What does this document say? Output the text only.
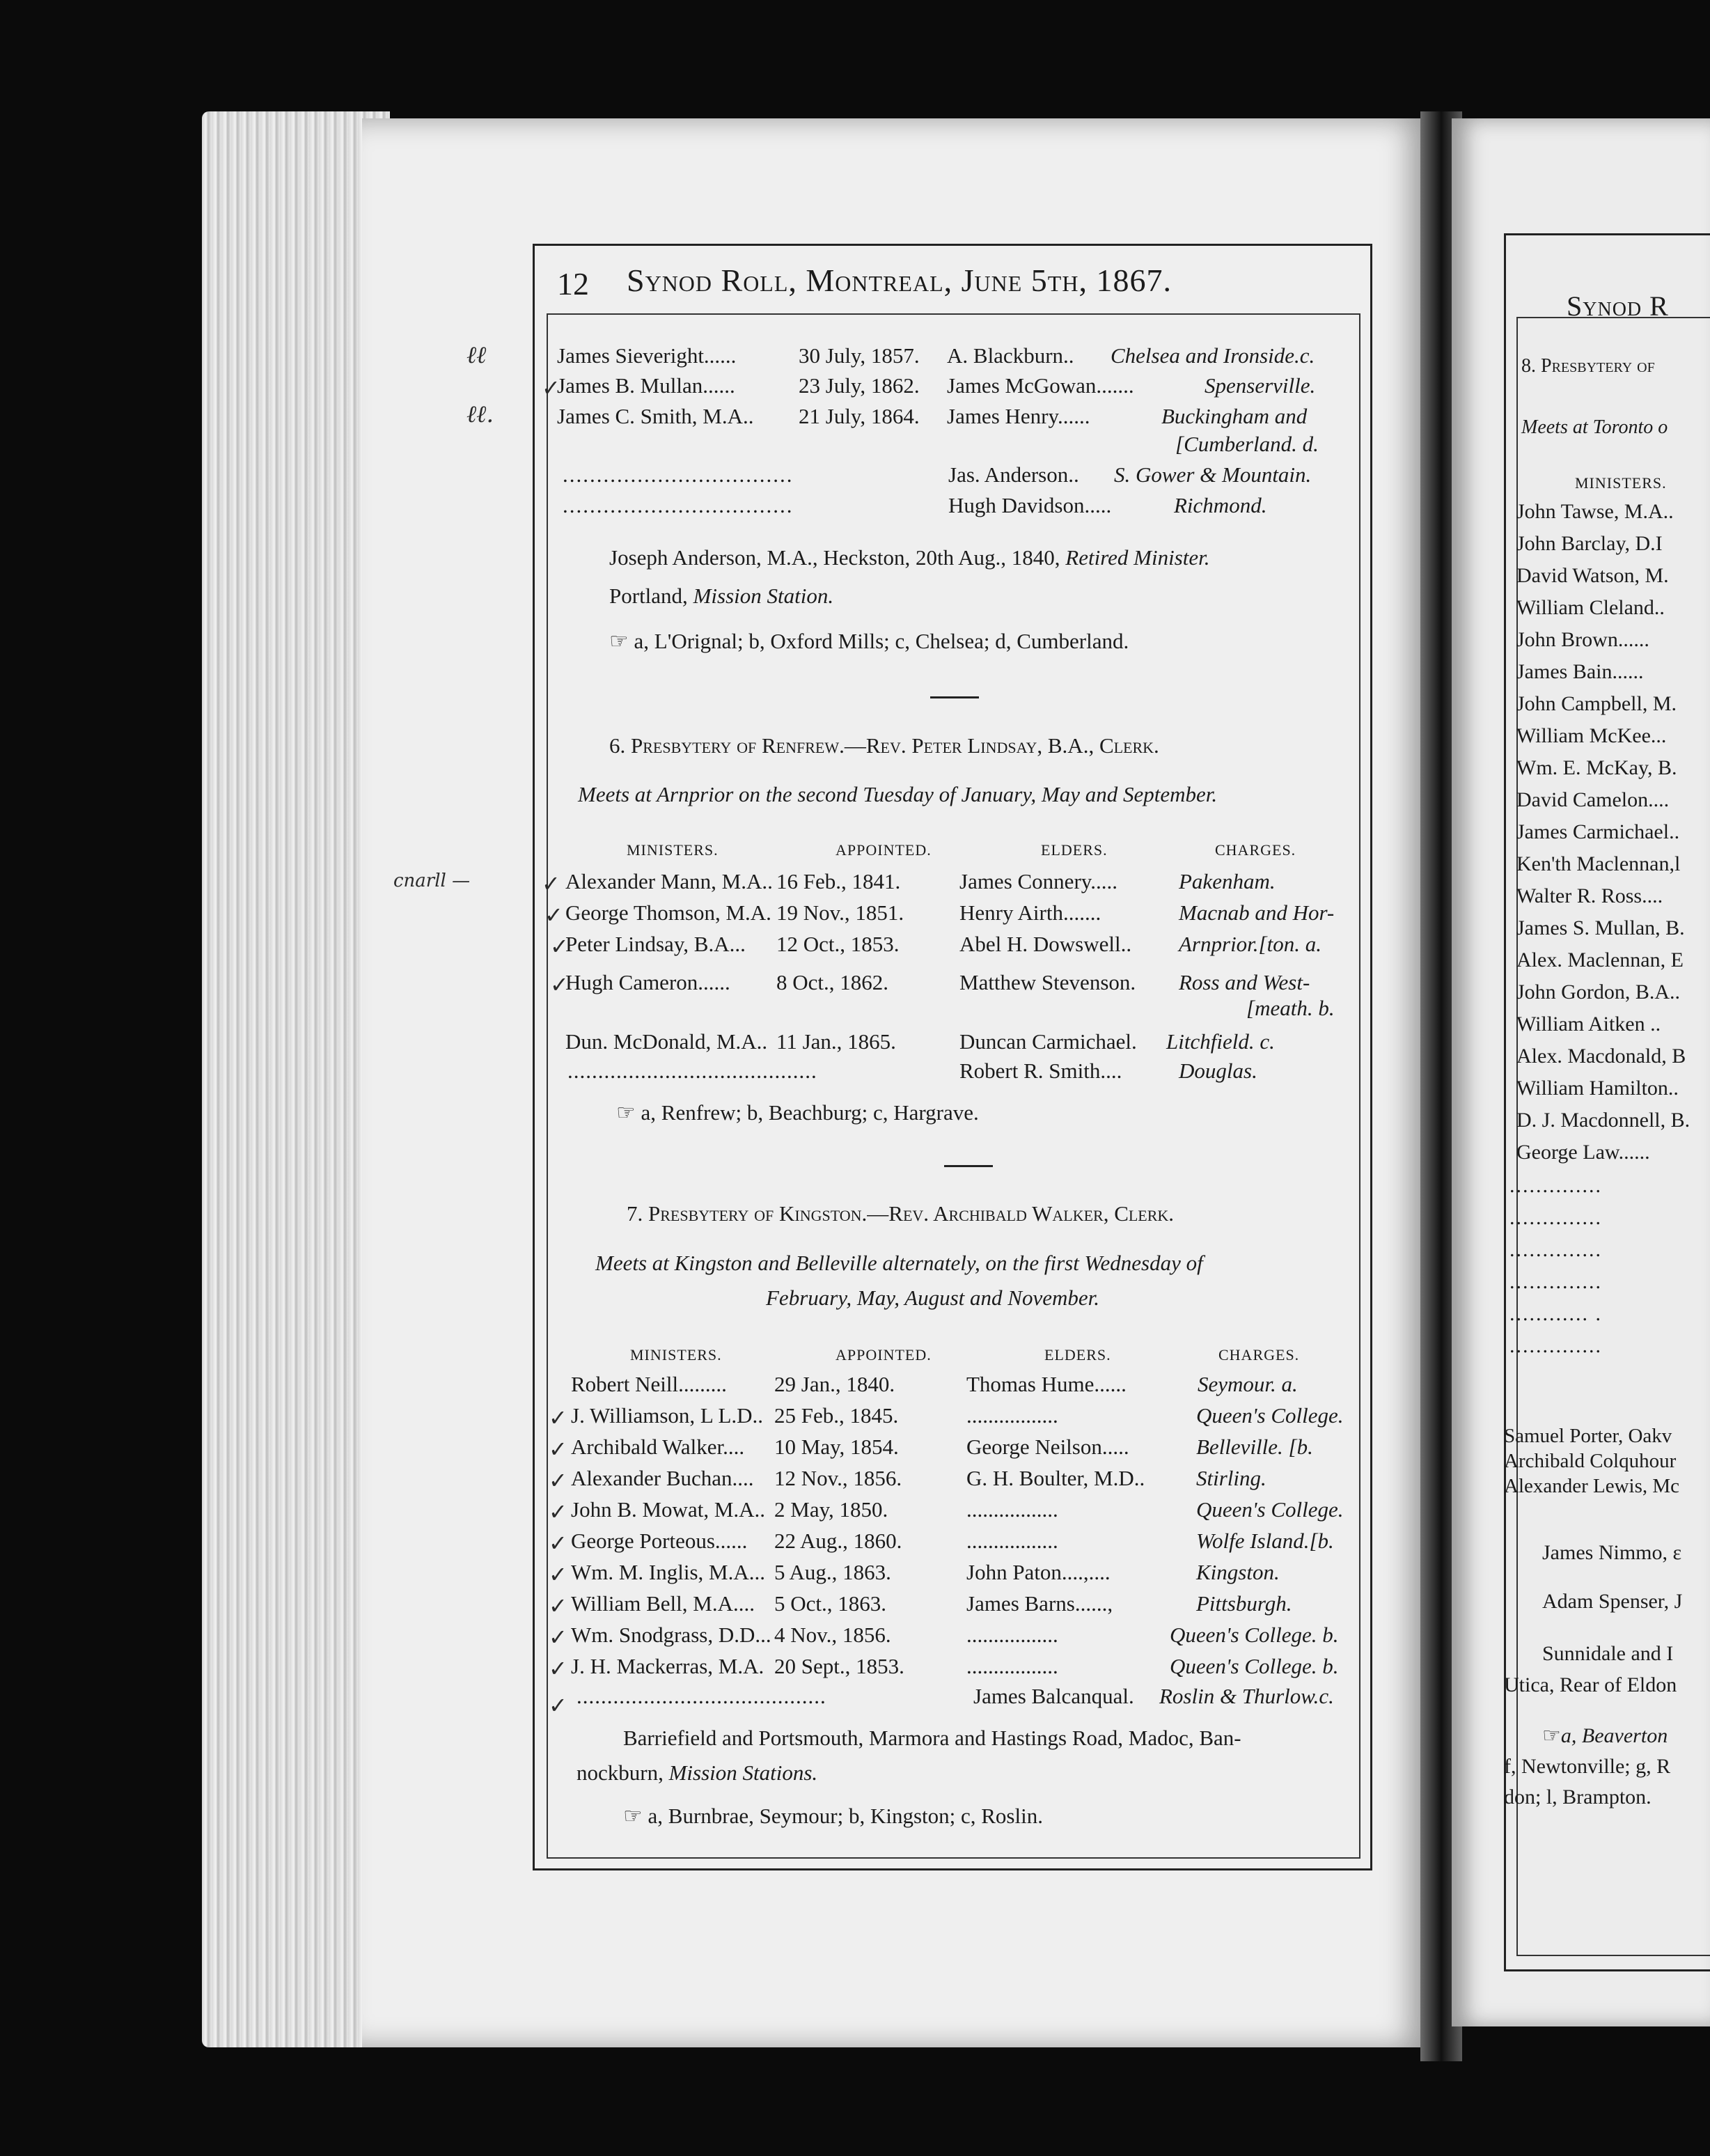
12 Synod Roll, Montreal, June 5th, 1867.
James Sieveright......	30 July, 1857. A. Blackburn.. Chelsea and Ironside.c.
James B. Mullan......	23 July, 1862. James McGowan.......	Spenserville.
James C. Smith, M.A.. 21 July, 1864. James Henry......	Buckingham and
[Cumberland. d.
..................................	Jas. Anderson.. S. Gower & Mountain.
..................................	Hugh Davidson.....	Richmond.
Joseph Anderson, M.A., Heckston, 20th Aug., 1840, Retired Minister.
Portland, Mission Station.
☞ a, L'Orignal; b, Oxford Mills; c, Chelsea; d, Cumberland.
6. Presbytery of Renfrew.—Rev. Peter Lindsay, B.A., Clerk.
Meets at Arnprior on the second Tuesday of January, May and September.
MINISTERS.	APPOINTED.	ELDERS.	CHARGES.
Alexander Mann, M.A.. 16 Feb., 1841.	James Connery.....	Pakenham.
George Thomson, M.A. 19 Nov., 1851.	Henry Airth.......	Macnab and Hor-
Peter Lindsay, B.A... 12 Oct., 1853.	Abel H. Dowswell.. Arnprior.[ton. a.
Hugh Cameron...... 8 Oct., 1862.	Matthew Stevenson. Ross and West-
[meath. b.
Dun. McDonald, M.A.. 11 Jan., 1865.	Duncan Carmichael. Litchfield. c.
.........................................	Robert R. Smith....	Douglas.
☞ a, Renfrew; b, Beachburg; c, Hargrave.
7. Presbytery of Kingston.—Rev. Archibald Walker, Clerk.
Meets at Kingston and Belleville alternately, on the first Wednesday of
February, May, August and November.
MINISTERS.	APPOINTED.	ELDERS.	CHARGES.
Robert Neill......... 29 Jan., 1840.	Thomas Hume......	Seymour. a.
J. Williamson, L L.D.. 25 Feb., 1845.	.................	Queen's College.
Archibald Walker.... 10 May, 1854.	George Neilson.....	Belleville. [b.
Alexander Buchan.... 12 Nov., 1856.	G. H. Boulter, M.D.. Stirling.
John B. Mowat, M.A.. 2 May, 1850.	.................	Queen's College.
George Porteous...... 22 Aug., 1860.	.................	Wolfe Island.[b.
Wm. M. Inglis, M.A... 5 Aug., 1863.	John Paton....,....	Kingston.
William Bell, M.A.... 5 Oct., 1863.	James Barns......,	Pittsburgh.
Wm. Snodgrass, D.D... 4 Nov., 1856.	.................	Queen's College. b.
J. H. Mackerras, M.A. 20 Sept., 1853.	.................	Queen's College. b.
.........................................	James Balcanqual. Roslin & Thurlow.c.
Barriefield and Portsmouth, Marmora and Hastings Road, Madoc, Ban-
nockburn, Mission Stations.
☞ a, Burnbrae, Seymour; b, Kingston; c, Roslin.
ℓℓ
ℓℓ.
cnarll —
✓
✓
✓
✓
✓
✓
✓
✓
✓
✓
✓
✓
✓
✓
✓
Synod R
8. Presbytery of
Meets at Toronto o
MINISTERS.
John Tawse, M.A..
John Barclay, D.I
David Watson, M.
William Cleland..
John Brown......
James Bain......
John Campbell, M.
William McKee...
Wm. E. McKay, B.
David Camelon....
James Carmichael..
Ken'th Maclennan,l
Walter R. Ross....
James S. Mullan, B.
Alex. Maclennan, E
John Gordon, B.A..
William Aitken ..
Alex. Macdonald, B
William Hamilton..
D. J. Macdonnell, B.
George Law......
..............
..............
..............
..............
............ .
..............
Samuel Porter, Oakv
Archibald Colquhour
Alexander Lewis, Mc
James Nimmo, ε
Adam Spenser, J
Sunnidale and I
Utica, Rear of Eldon
☞a, Beaverton
f, Newtonville; g, R
don; l, Brampton.
